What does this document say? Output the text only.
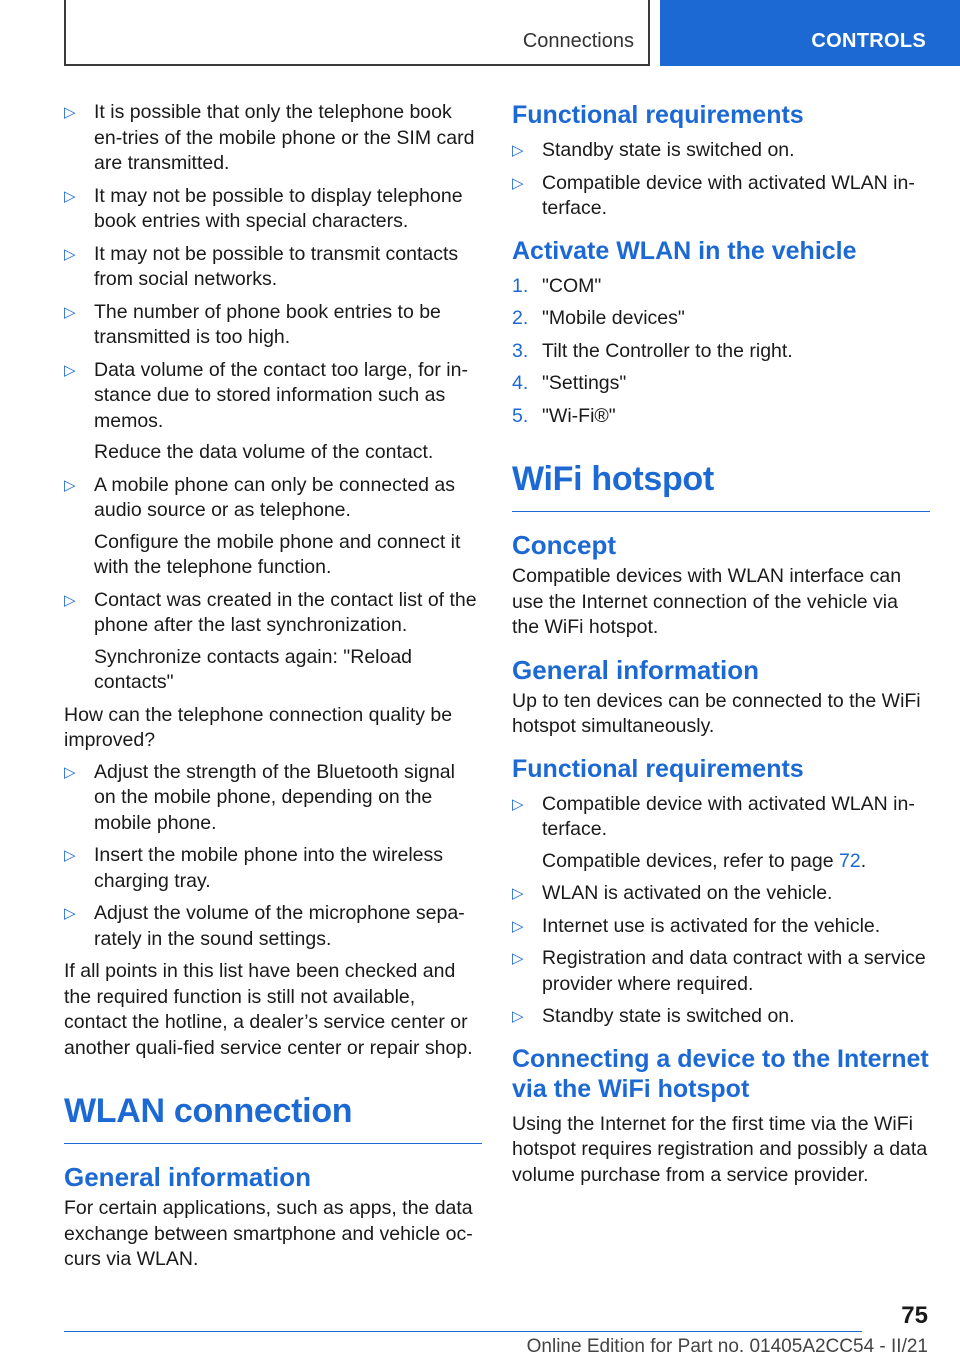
Connections	CONTROLS
▷ It is possible that only the telephone book en‐tries of the mobile phone or the SIM card are transmitted.
▷ It may not be possible to display telephone book entries with special characters.
▷ It may not be possible to transmit contacts from social networks.
▷ The number of phone book entries to be transmitted is too high.
▷ Data volume of the contact too large, for in‐stance due to stored information such as memos.
Reduce the data volume of the contact.
▷ A mobile phone can only be connected as audio source or as telephone.
Configure the mobile phone and connect it with the telephone function.
▷ Contact was created in the contact list of the phone after the last synchronization.
Synchronize contacts again: "Reload contacts"

How can the telephone connection quality be improved?

▷ Adjust the strength of the Bluetooth signal on the mobile phone, depending on the mobile phone.
▷ Insert the mobile phone into the wireless charging tray.
▷ Adjust the volume of the microphone sepa‐rately in the sound settings.

If all points in this list have been checked and the required function is still not available, contact the hotline, a dealer’s service center or another quali‐fied service center or repair shop.

WLAN connection
General information

For certain applications, such as apps, the data exchange between smartphone and vehicle oc‐curs via WLAN.

Functional requirements
▷ Standby state is switched on.
▷ Compatible device with activated WLAN in‐terface.
Activate WLAN in the vehicle
1. "COM"
2. "Mobile devices"
3. Tilt the Controller to the right.
4. "Settings"
5. "Wi-Fi®"
WiFi hotspot
Concept

Compatible devices with WLAN interface can use the Internet connection of the vehicle via the WiFi hotspot.

General information

Up to ten devices can be connected to the WiFi hotspot simultaneously.

Functional requirements
▷ Compatible device with activated WLAN in‐terface.
Compatible devices, refer to page 72.
▷ WLAN is activated on the vehicle.
▷ Internet use is activated for the vehicle.
▷ Registration and data contract with a service provider where required.
▷ Standby state is switched on.
Connecting a device to the Internet via the WiFi hotspot

Using the Internet for the first time via the WiFi hotspot requires registration and possibly a data volume purchase from a service provider.

75
Online Edition for Part no. 01405A2CC54 - II/21
